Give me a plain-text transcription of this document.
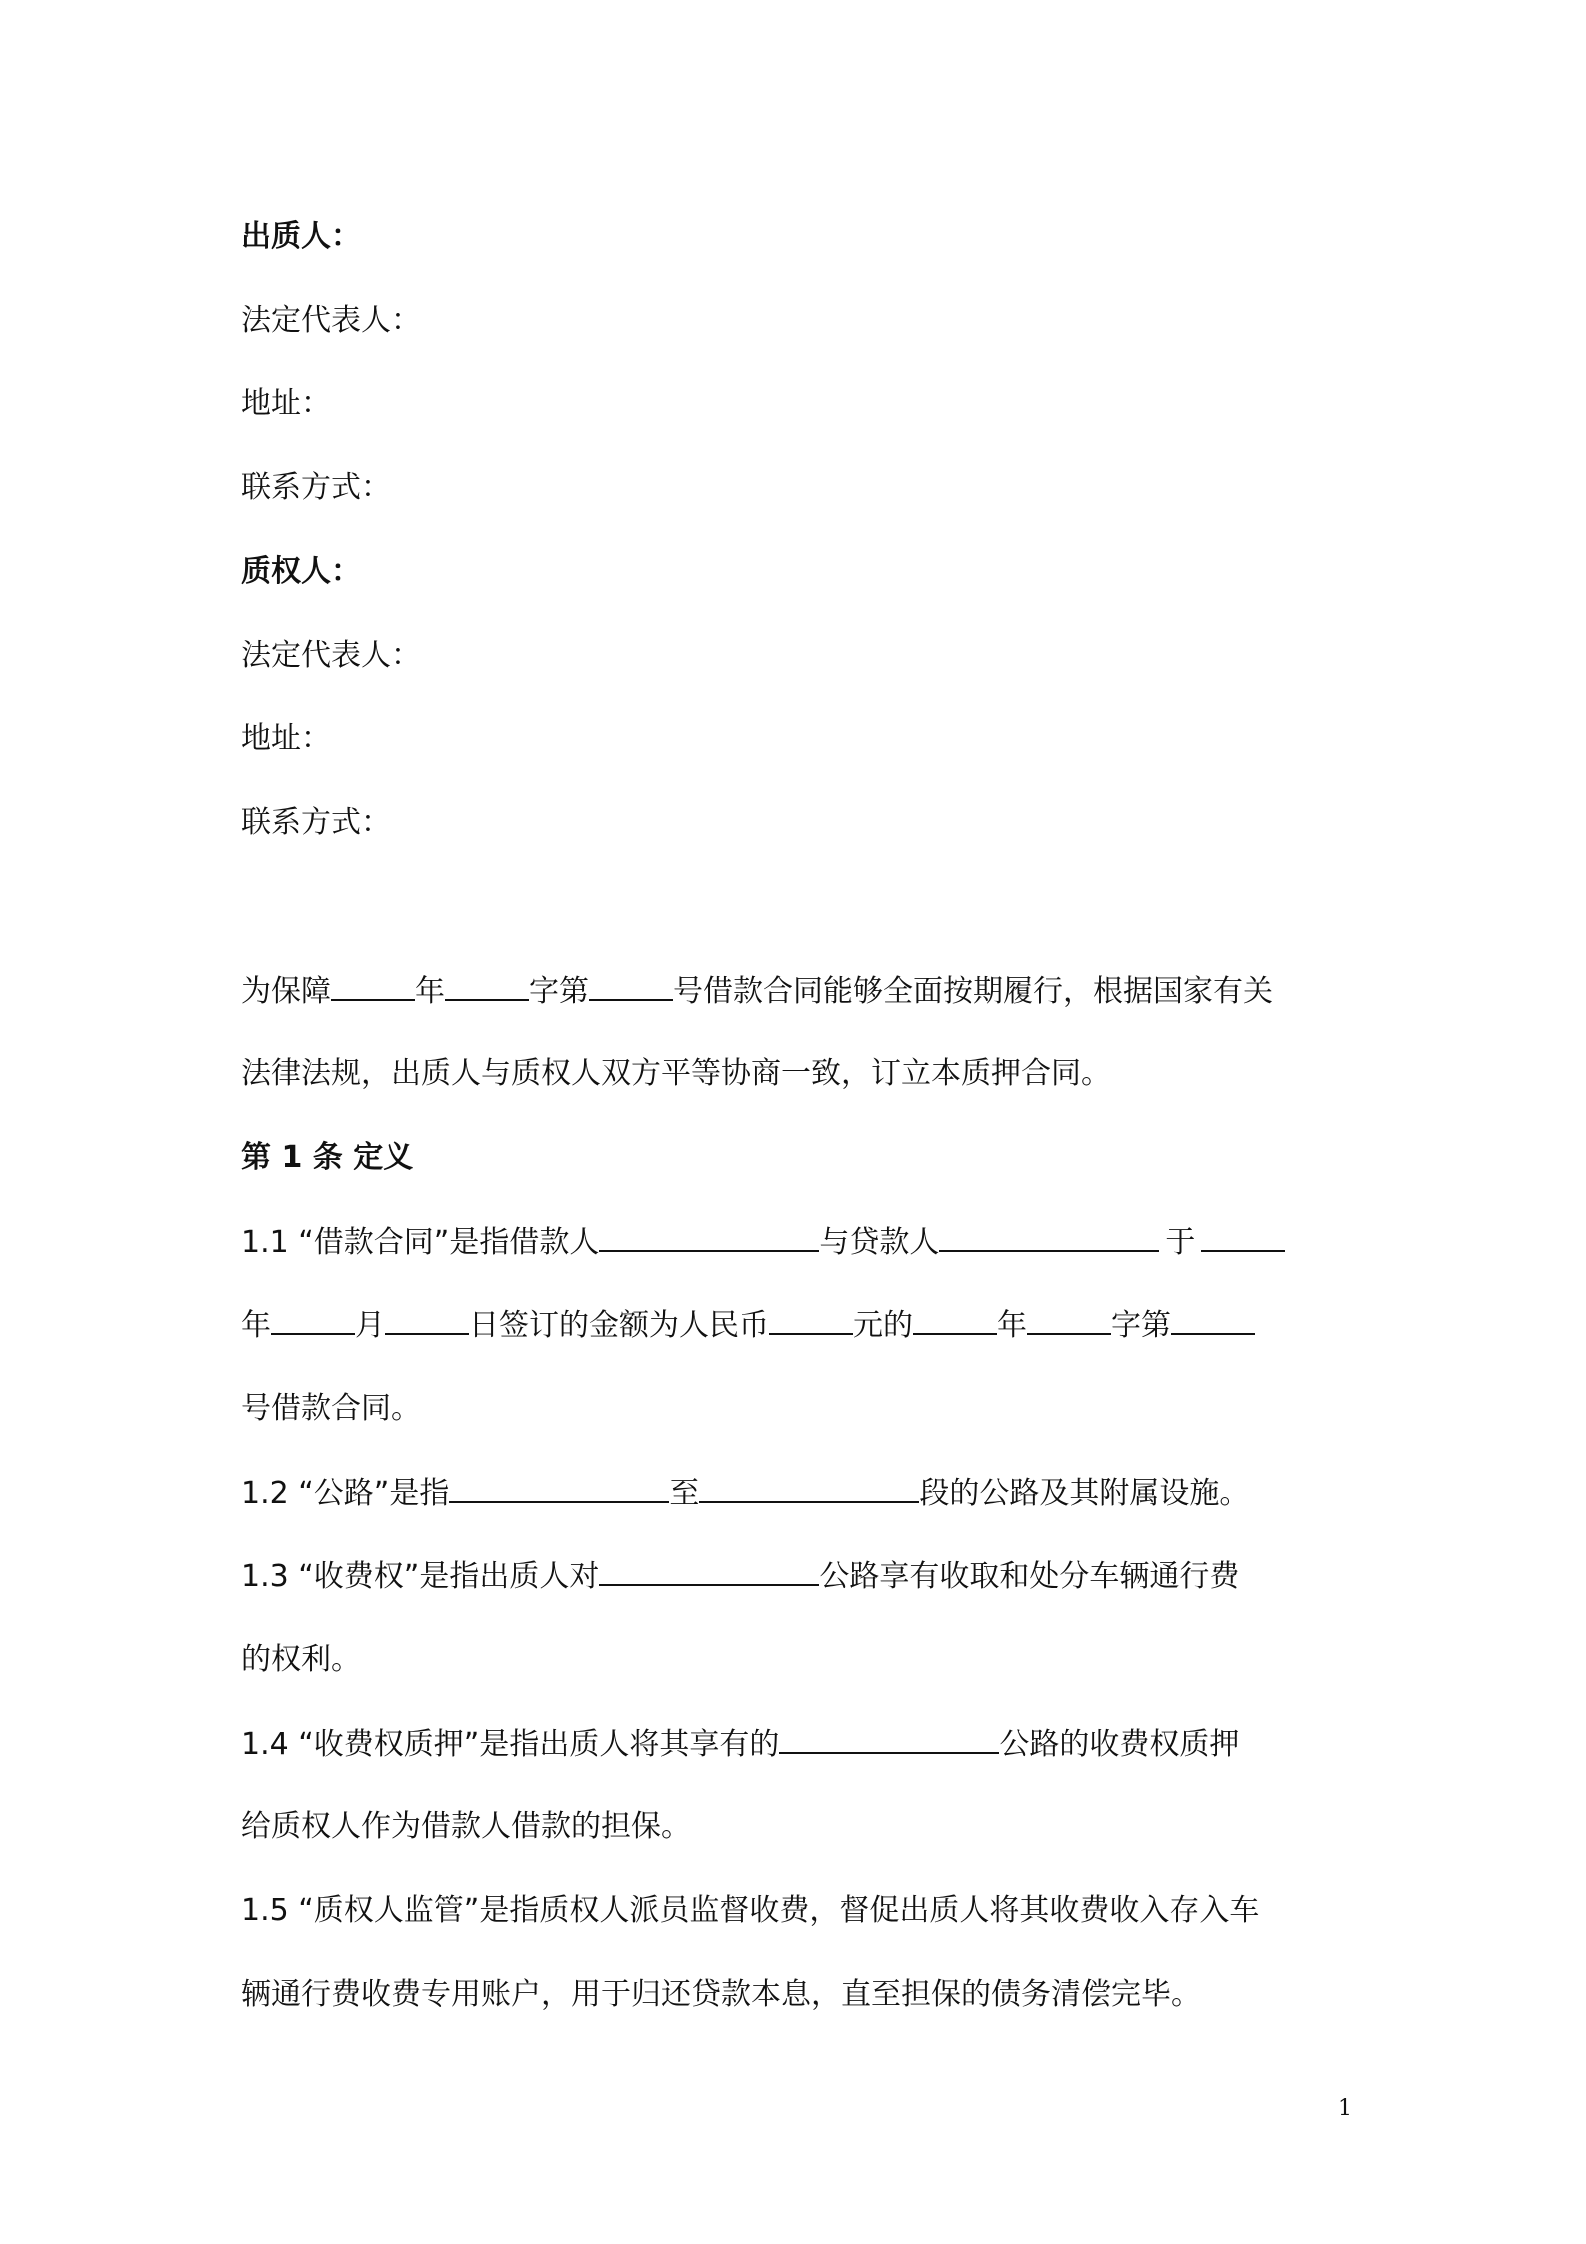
出质人：
法定代表人：
地址：
联系方式：
质权人：
法定代表人：
地址：
联系方式：
为保障	年	字第	号借款合同能够全面按期履行，根据国家有关
法律法规，出质人与质权人双方平等协商一致，订立本质押合同。
第 1 条 定义
1.1 “借款合同”是指借款人	与贷款人	于
年	月	日签订的金额为人民币	元的	年	字第
号借款合同。
1.2 “公路”是指	至	段的公路及其附属设施。
1.3 “收费权”是指出质人对	公路享有收取和处分车辆通行费
的权利。
1.4 “收费权质押”是指出质人将其享有的	公路的收费权质押
给质权人作为借款人借款的担保。
1.5 “质权人监管”是指质权人派员监督收费，督促出质人将其收费收入存入车
辆通行费收费专用账户，用于归还贷款本息，直至担保的债务清偿完毕。
1
